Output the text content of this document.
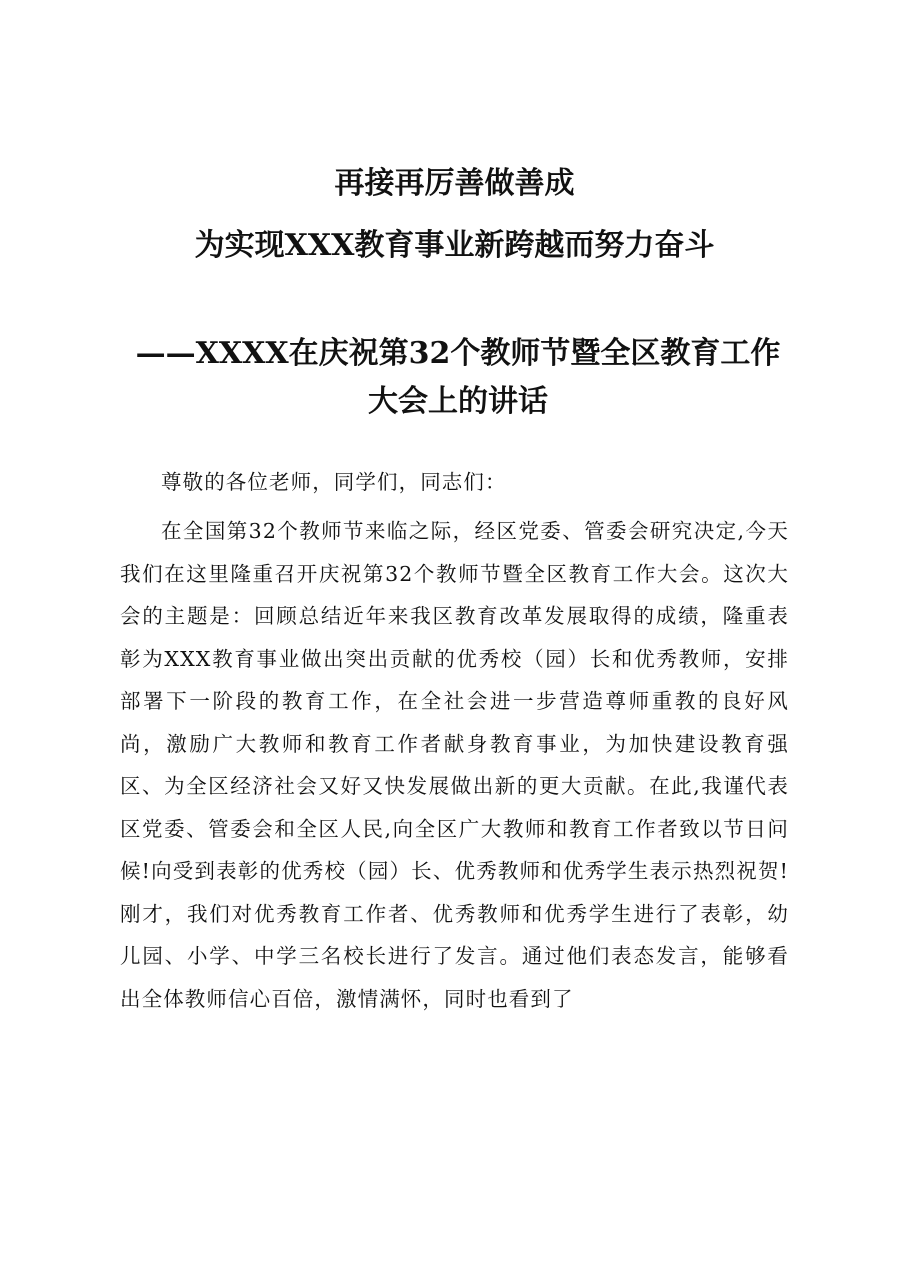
再接再厉善做善成
为实现XXX教育事业新跨越而努力奋斗
——XXXX在庆祝第32个教师节暨全区教育工作大会上的讲话

尊敬的各位老师，同学们，同志们：

在全国第32个教师节来临之际，经区党委、管委会研究决定,今天我们在这里隆重召开庆祝第32个教师节暨全区教育工作大会。这次大会的主题是：回顾总结近年来我区教育改革发展取得的成绩，隆重表彰为XXX教育事业做出突出贡献的优秀校（园）长和优秀教师，安排部署下一阶段的教育工作，在全社会进一步营造尊师重教的良好风尚，激励广大教师和教育工作者献身教育事业，为加快建设教育强区、为全区经济社会又好又快发展做出新的更大贡献。在此,我谨代表区党委、管委会和全区人民,向全区广大教师和教育工作者致以节日问候!向受到表彰的优秀校（园）长、优秀教师和优秀学生表示热烈祝贺!刚才，我们对优秀教育工作者、优秀教师和优秀学生进行了表彰，幼儿园、小学、中学三名校长进行了发言。通过他们表态发言，能够看出全体教师信心百倍，激情满怀，同时也看到了
